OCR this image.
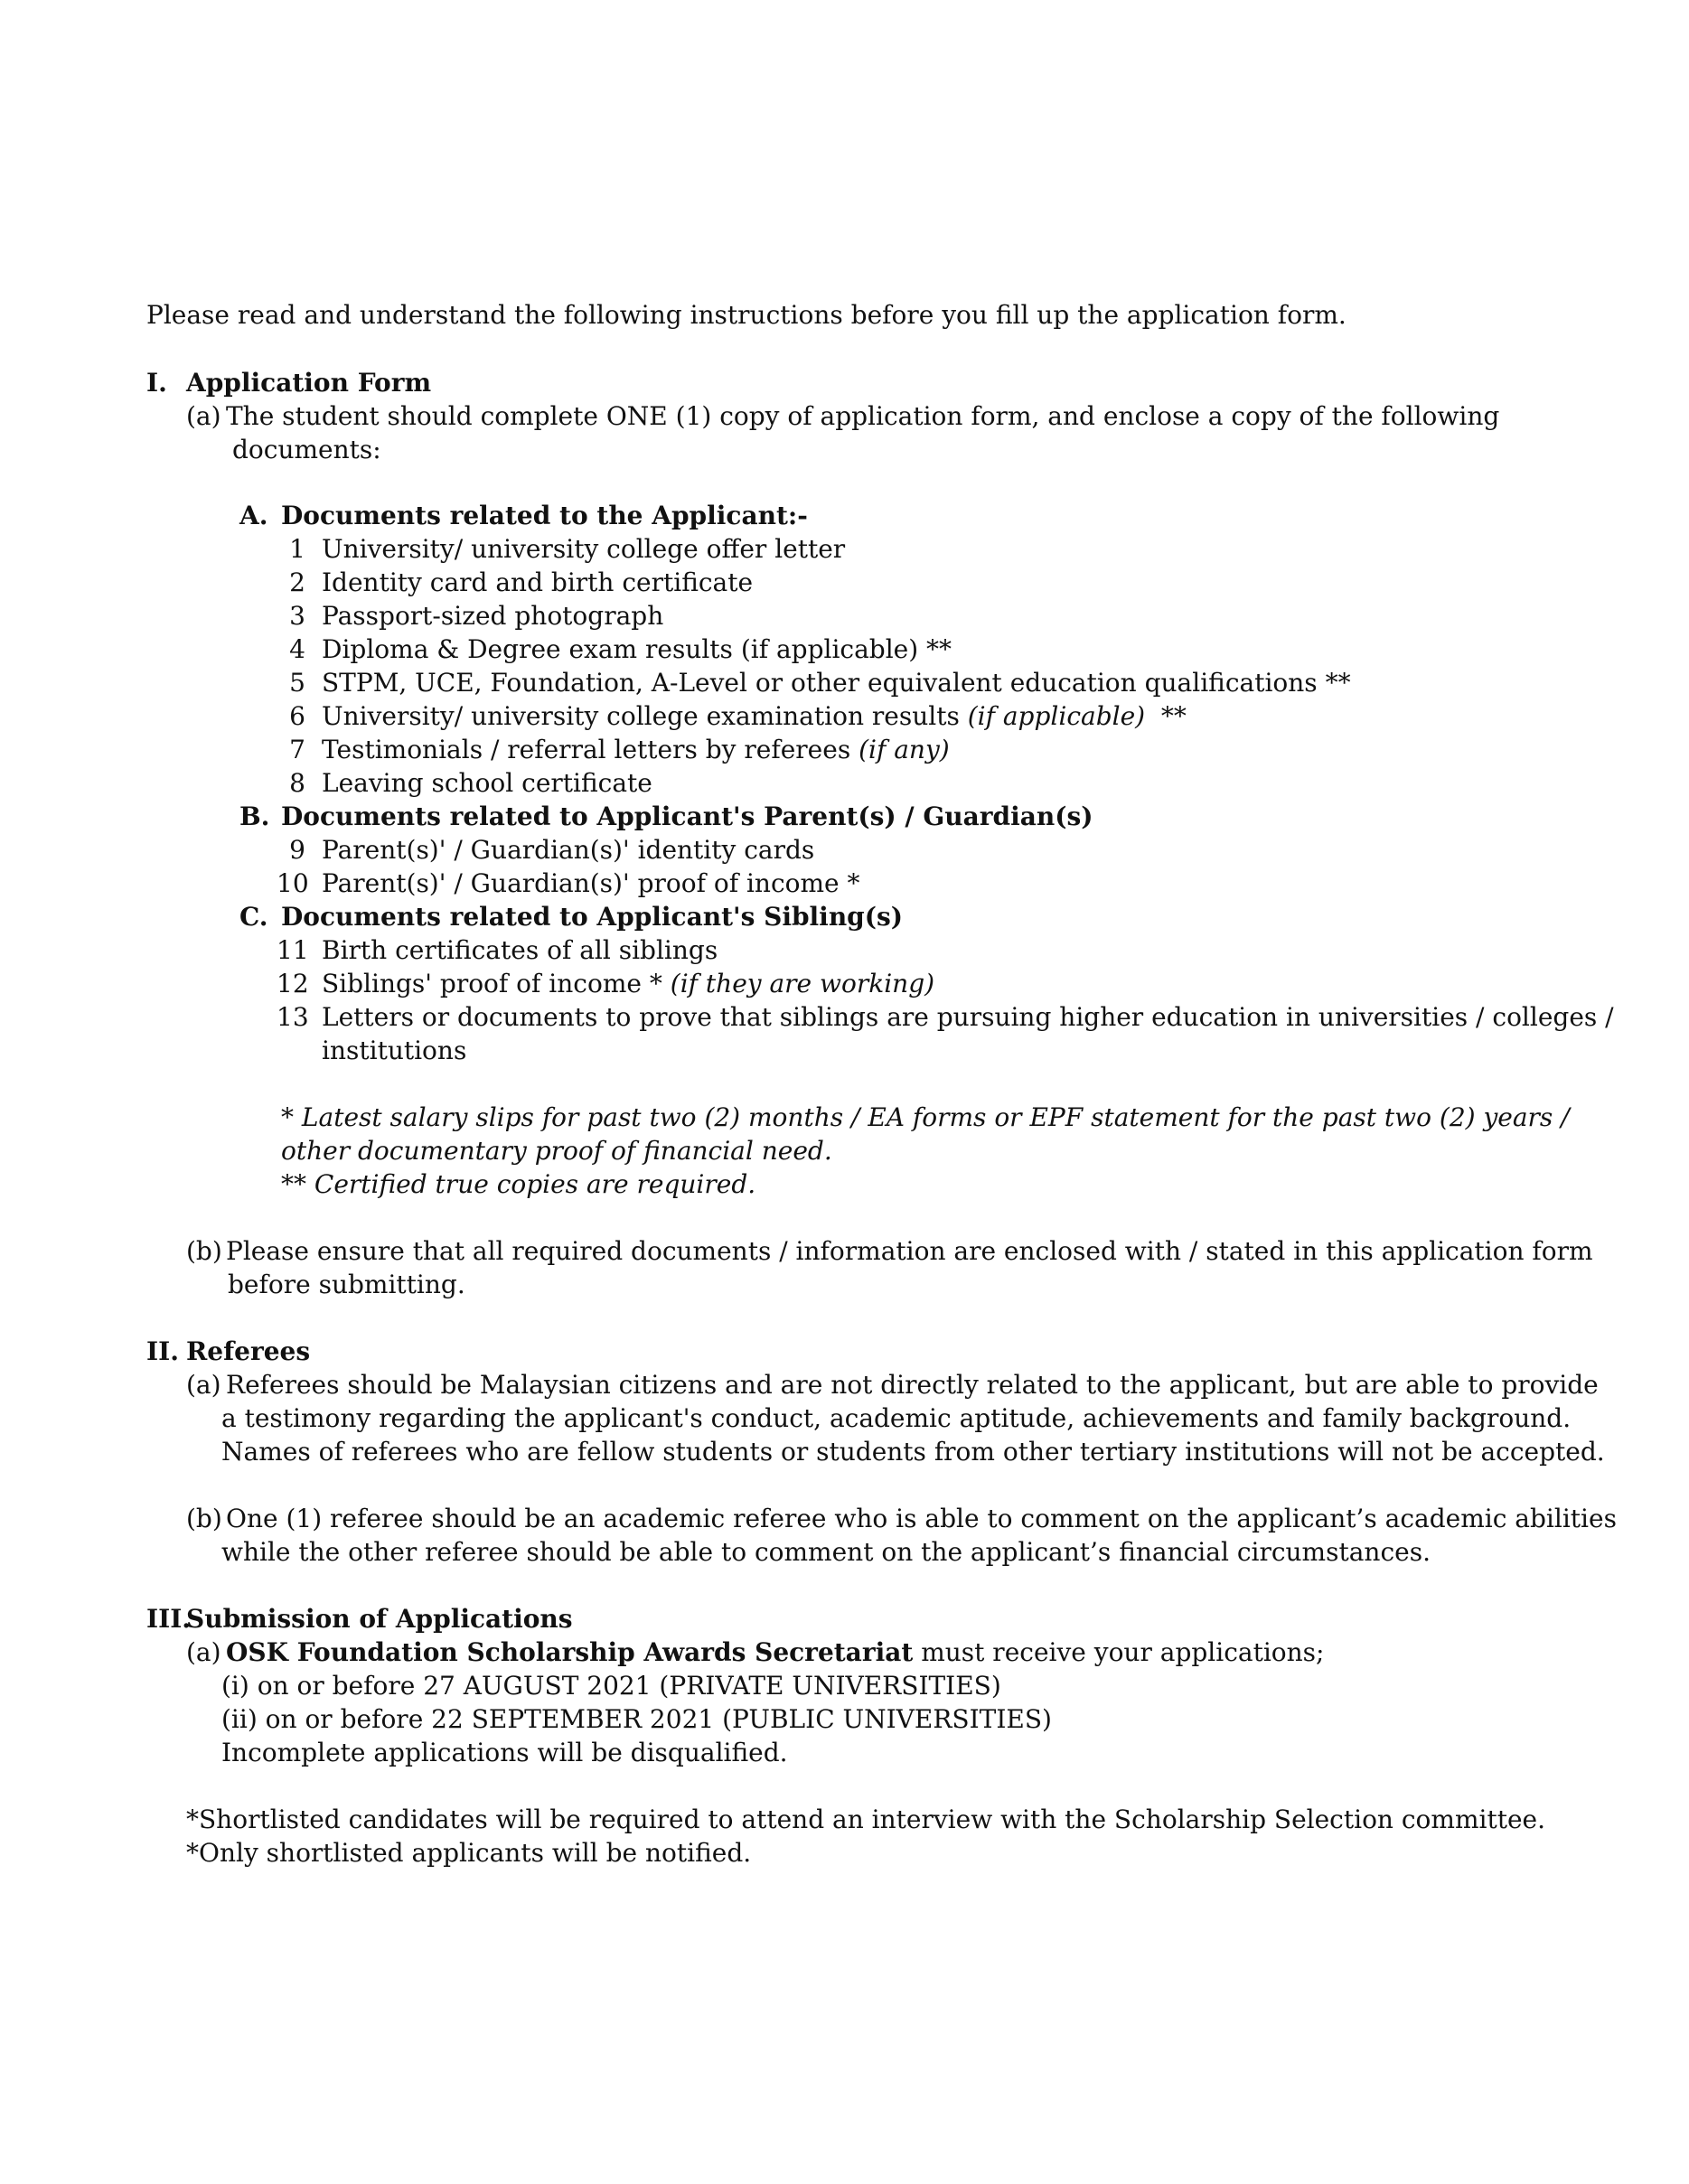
Please read and understand the following instructions before you fill up the application form.
I. Application Form
(a) The student should complete ONE (1) copy of application form, and enclose a copy of the following
documents:
A. Documents related to the Applicant:-
1 University/ university college offer letter
2 Identity card and birth certificate
3 Passport-sized photograph
4 Diploma & Degree exam results (if applicable) **
5 STPM, UCE, Foundation, A-Level or other equivalent education qualifications **
6 University/ university college examination results (if applicable)  **
7 Testimonials / referral letters by referees (if any)
8 Leaving school certificate
B. Documents related to Applicant's Parent(s) / Guardian(s)
9 Parent(s)' / Guardian(s)' identity cards
10 Parent(s)' / Guardian(s)' proof of income *
C. Documents related to Applicant's Sibling(s)
11 Birth certificates of all siblings
12 Siblings' proof of income * (if they are working)
13 Letters or documents to prove that siblings are pursuing higher education in universities / colleges /
institutions
* Latest salary slips for past two (2) months / EA forms or EPF statement for the past two (2) years /
other documentary proof of financial need.
** Certified true copies are required.
(b) Please ensure that all required documents / information are enclosed with / stated in this application form
before submitting.
II. Referees
(a) Referees should be Malaysian citizens and are not directly related to the applicant, but are able to provide
a testimony regarding the applicant's conduct, academic aptitude, achievements and family background.
Names of referees who are fellow students or students from other tertiary institutions will not be accepted.
(b) One (1) referee should be an academic referee who is able to comment on the applicant’s academic abilities
while the other referee should be able to comment on the applicant’s financial circumstances.
III.
Submission of Applications
(a) OSK Foundation Scholarship Awards Secretariat must receive your applications;
(i) on or before 27 AUGUST 2021 (PRIVATE UNIVERSITIES)
(ii) on or before 22 SEPTEMBER 2021 (PUBLIC UNIVERSITIES)
Incomplete applications will be disqualified.
*Shortlisted candidates will be required to attend an interview with the Scholarship Selection committee.
*Only shortlisted applicants will be notified.
